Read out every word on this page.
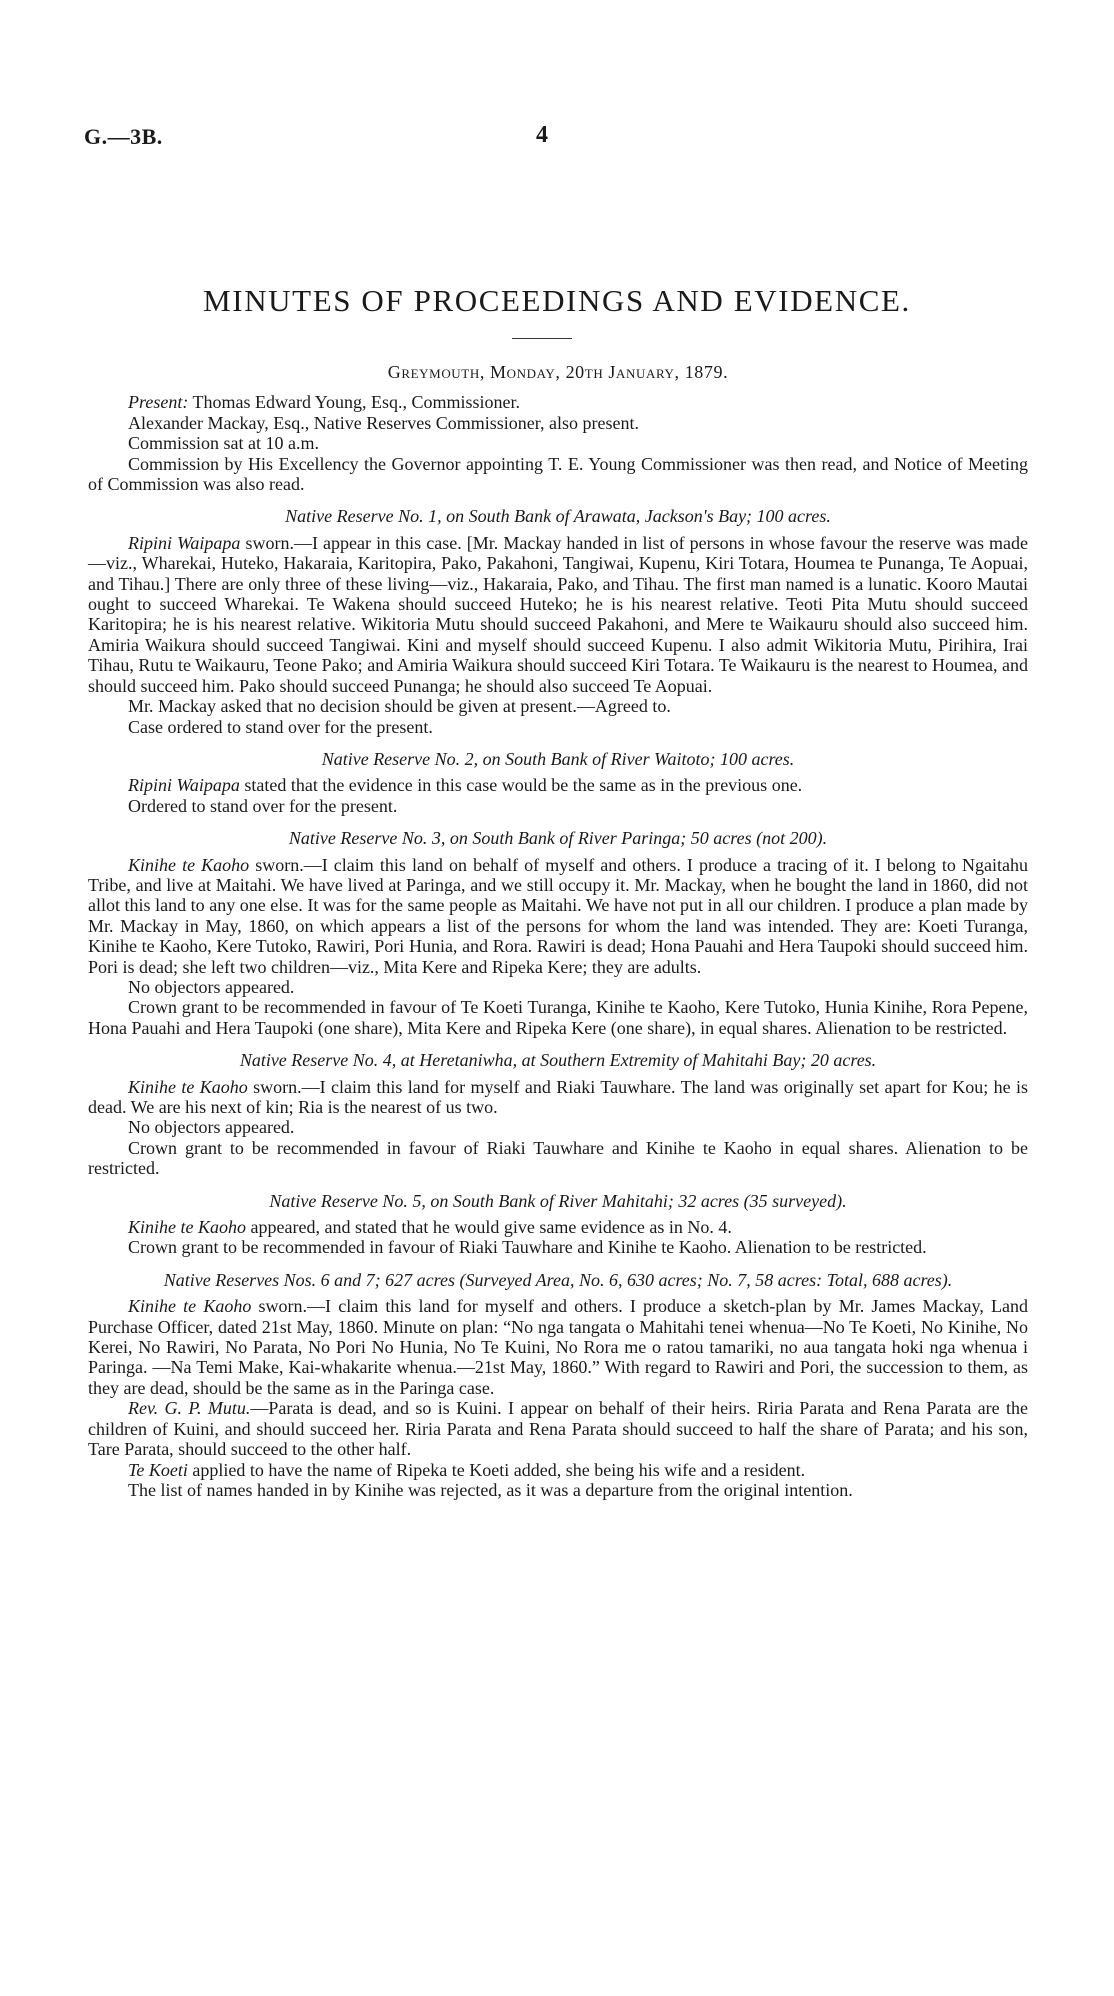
G.—3B.	4
MINUTES OF PROCEEDINGS AND EVIDENCE.
Greymouth, Monday, 20th January, 1879.

Present: Thomas Edward Young, Esq., Commissioner.

Alexander Mackay, Esq., Native Reserves Commissioner, also present.

Commission sat at 10 a.m.

Commission by His Excellency the Governor appointing T. E. Young Commissioner was then read, and Notice of Meeting of Commission was also read.

Native Reserve No. 1, on South Bank of Arawata, Jackson's Bay; 100 acres.

Ripini Waipapa sworn.—I appear in this case. [Mr. Mackay handed in list of persons in whose favour the reserve was made—viz., Wharekai, Huteko, Hakaraia, Karitopira, Pako, Pakahoni, Tangiwai, Kupenu, Kiri Totara, Houmea te Punanga, Te Aopuai, and Tihau.] There are only three of these living—viz., Hakaraia, Pako, and Tihau. The first man named is a lunatic. Kooro Mautai ought to succeed Wharekai. Te Wakena should succeed Huteko; he is his nearest relative. Teoti Pita Mutu should succeed Karitopira; he is his nearest relative. Wikitoria Mutu should succeed Pakahoni, and Mere te Waikauru should also succeed him. Amiria Waikura should succeed Tangiwai. Kini and myself should succeed Kupenu. I also admit Wikitoria Mutu, Pirihira, Irai Tihau, Rutu te Waikauru, Teone Pako; and Amiria Waikura should succeed Kiri Totara. Te Waikauru is the nearest to Houmea, and should succeed him. Pako should succeed Punanga; he should also succeed Te Aopuai.

Mr. Mackay asked that no decision should be given at present.—Agreed to.

Case ordered to stand over for the present.

Native Reserve No. 2, on South Bank of River Waitoto; 100 acres.

Ripini Waipapa stated that the evidence in this case would be the same as in the previous one.

Ordered to stand over for the present.

Native Reserve No. 3, on South Bank of River Paringa; 50 acres (not 200).

Kinihe te Kaoho sworn.—I claim this land on behalf of myself and others. I produce a tracing of it. I belong to Ngaitahu Tribe, and live at Maitahi. We have lived at Paringa, and we still occupy it. Mr. Mackay, when he bought the land in 1860, did not allot this land to any one else. It was for the same people as Maitahi. We have not put in all our children. I produce a plan made by Mr. Mackay in May, 1860, on which appears a list of the persons for whom the land was intended. They are: Koeti Turanga, Kinihe te Kaoho, Kere Tutoko, Rawiri, Pori Hunia, and Rora. Rawiri is dead; Hona Pauahi and Hera Taupoki should succeed him. Pori is dead; she left two children—viz., Mita Kere and Ripeka Kere; they are adults.

No objectors appeared.

Crown grant to be recommended in favour of Te Koeti Turanga, Kinihe te Kaoho, Kere Tutoko, Hunia Kinihe, Rora Pepene, Hona Pauahi and Hera Taupoki (one share), Mita Kere and Ripeka Kere (one share), in equal shares. Alienation to be restricted.

Native Reserve No. 4, at Heretaniwha, at Southern Extremity of Mahitahi Bay; 20 acres.

Kinihe te Kaoho sworn.—I claim this land for myself and Riaki Tauwhare. The land was originally set apart for Kou; he is dead. We are his next of kin; Ria is the nearest of us two.

No objectors appeared.

Crown grant to be recommended in favour of Riaki Tauwhare and Kinihe te Kaoho in equal shares. Alienation to be restricted.

Native Reserve No. 5, on South Bank of River Mahitahi; 32 acres (35 surveyed).

Kinihe te Kaoho appeared, and stated that he would give same evidence as in No. 4.

Crown grant to be recommended in favour of Riaki Tauwhare and Kinihe te Kaoho. Alienation to be restricted.

Native Reserves Nos. 6 and 7; 627 acres (Surveyed Area, No. 6, 630 acres; No. 7, 58 acres: Total, 688 acres).

Kinihe te Kaoho sworn.—I claim this land for myself and others. I produce a sketch-plan by Mr. James Mackay, Land Purchase Officer, dated 21st May, 1860. Minute on plan: “No nga tangata o Mahitahi tenei whenua—No Te Koeti, No Kinihe, No Kerei, No Rawiri, No Parata, No Pori No Hunia, No Te Kuini, No Rora me o ratou tamariki, no aua tangata hoki nga whenua i Paringa. —Na Temi Make, Kai-whakarite whenua.—21st May, 1860.” With regard to Rawiri and Pori, the succession to them, as they are dead, should be the same as in the Paringa case.

Rev. G. P. Mutu.—Parata is dead, and so is Kuini. I appear on behalf of their heirs. Riria Parata and Rena Parata are the children of Kuini, and should succeed her. Riria Parata and Rena Parata should succeed to half the share of Parata; and his son, Tare Parata, should succeed to the other half.

Te Koeti applied to have the name of Ripeka te Koeti added, she being his wife and a resident.

The list of names handed in by Kinihe was rejected, as it was a departure from the original intention.
